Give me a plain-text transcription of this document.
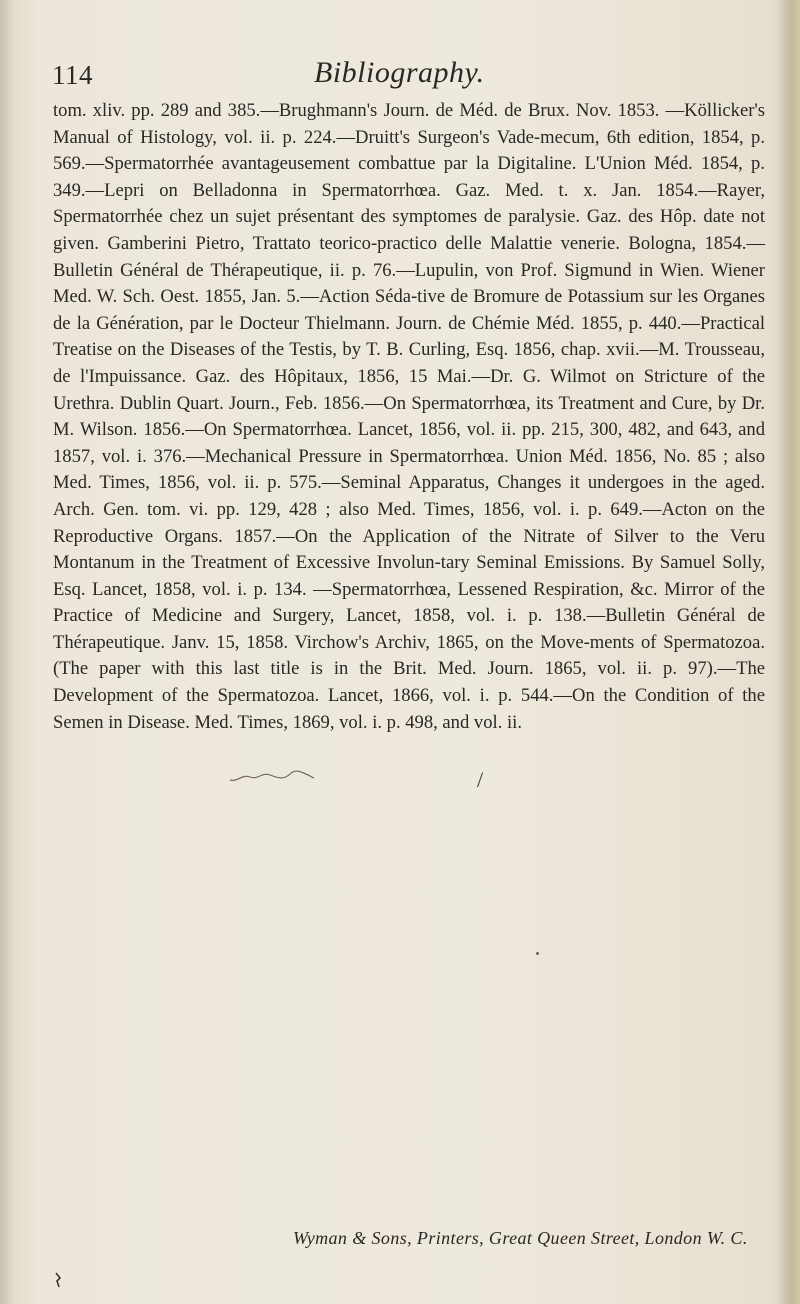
114	Bibliography.

tom. xliv. pp. 289 and 385.—Brughmann's Journ. de Méd. de Brux. Nov. 1853. —Köllicker's Manual of Histology, vol. ii. p. 224.—Druitt's Surgeon's Vade-mecum, 6th edition, 1854, p. 569.—Spermatorrhée avantageusement combattue par la Digitaline. L'Union Méd. 1854, p. 349.—Lepri on Belladonna in Spermatorrhœa. Gaz. Med. t. x. Jan. 1854.—Rayer, Spermatorrhée chez un sujet présentant des symptomes de paralysie. Gaz. des Hôp. date not given. Gamberini Pietro, Trattato teorico-practico delle Malattie venerie. Bologna, 1854.—Bulletin Général de Thérapeutique, ii. p. 76.—Lupulin, von Prof. Sigmund in Wien. Wiener Med. W. Sch. Oest. 1855, Jan. 5.—Action Séda-tive de Bromure de Potassium sur les Organes de la Génération, par le Docteur Thielmann. Journ. de Chémie Méd. 1855, p. 440.—Practical Treatise on the Diseases of the Testis, by T. B. Curling, Esq. 1856, chap. xvii.—M. Trousseau, de l'Impuissance. Gaz. des Hôpitaux, 1856, 15 Mai.—Dr. G. Wilmot on Stricture of the Urethra. Dublin Quart. Journ., Feb. 1856.—On Spermatorrhœa, its Treatment and Cure, by Dr. M. Wilson. 1856.—On Spermatorrhœa. Lancet, 1856, vol. ii. pp. 215, 300, 482, and 643, and 1857, vol. i. 376.—Mechanical Pressure in Spermatorrhœa. Union Méd. 1856, No. 85 ; also Med. Times, 1856, vol. ii. p. 575.—Seminal Apparatus, Changes it undergoes in the aged. Arch. Gen. tom. vi. pp. 129, 428 ; also Med. Times, 1856, vol. i. p. 649.—Acton on the Reproductive Organs. 1857.—On the Application of the Nitrate of Silver to the Veru Montanum in the Treatment of Excessive Involun-tary Seminal Emissions. By Samuel Solly, Esq. Lancet, 1858, vol. i. p. 134. —Spermatorrhœa, Lessened Respiration, &c. Mirror of the Practice of Medicine and Surgery, Lancet, 1858, vol. i. p. 138.—Bulletin Général de Thérapeutique. Janv. 15, 1858. Virchow's Archiv, 1865, on the Move-ments of Spermatozoa. (The paper with this last title is in the Brit. Med. Journ. 1865, vol. ii. p. 97).—The Development of the Spermatozoa. Lancet, 1866, vol. i. p. 544.—On the Condition of the Semen in Disease. Med. Times, 1869, vol. i. p. 498, and vol. ii.

/
Wyman & Sons, Printers, Great Queen Street, London W. C.
